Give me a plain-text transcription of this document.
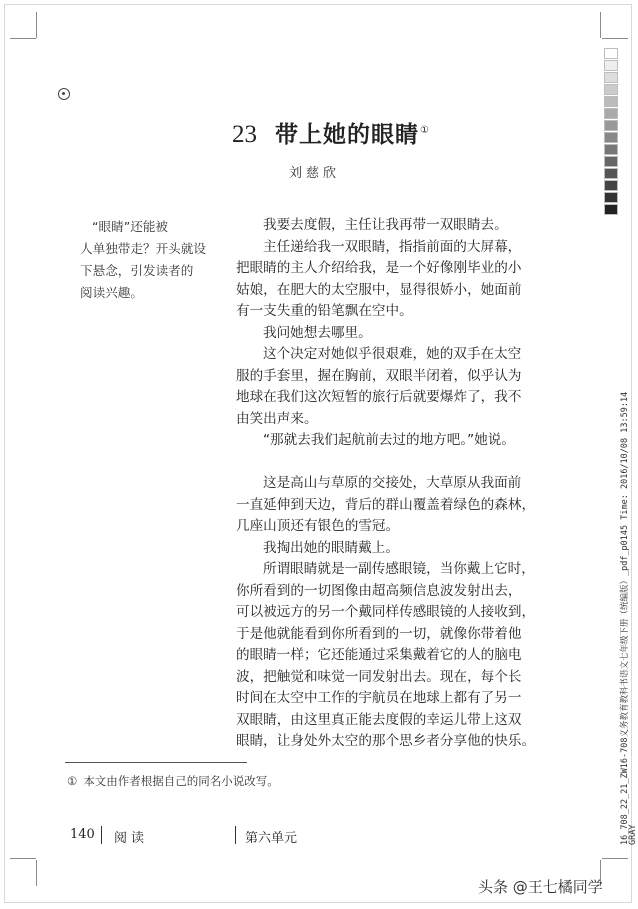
23 带上她的眼睛①
刘慈欣
“眼睛”还能被
人单独带走？开头就设
下悬念，引发读者的
阅读兴趣。
我要去度假，主任让我再带一双眼睛去。
主任递给我一双眼睛，指指前面的大屏幕，
把眼睛的主人介绍给我，是一个好像刚毕业的小
姑娘，在肥大的太空服中，显得很娇小，她面前
有一支失重的铅笔飘在空中。
我问她想去哪里。
这个决定对她似乎很艰难，她的双手在太空
服的手套里，握在胸前，双眼半闭着，似乎认为
地球在我们这次短暂的旅行后就要爆炸了，我不
由笑出声来。
“那就去我们起航前去过的地方吧。”她说。
这是高山与草原的交接处，大草原从我面前
一直延伸到天边，背后的群山覆盖着绿色的森林，
几座山顶还有银色的雪冠。
我掏出她的眼睛戴上。
所谓眼睛就是一副传感眼镜，当你戴上它时，
你所看到的一切图像由超高频信息波发射出去，
可以被远方的另一个戴同样传感眼镜的人接收到，
于是他就能看到你所看到的一切，就像你带着他
的眼睛一样；它还能通过采集戴着它的人的脑电
波，把触觉和味觉一同发射出去。现在，每个长
时间在太空中工作的宇航员在地球上都有了另一
双眼睛，由这里真正能去度假的幸运儿带上这双
眼睛，让身处外太空的那个思乡者分享他的快乐。
① 本文由作者根据自己的同名小说改写。
140 阅读	第六单元	16_708_22_21_ZW16-708义务教育教科书语文七年级下册（统编版）_pdf_p0145 Time: 2016/10/08 13:59:14
GRAY
头条 @王七橘同学
